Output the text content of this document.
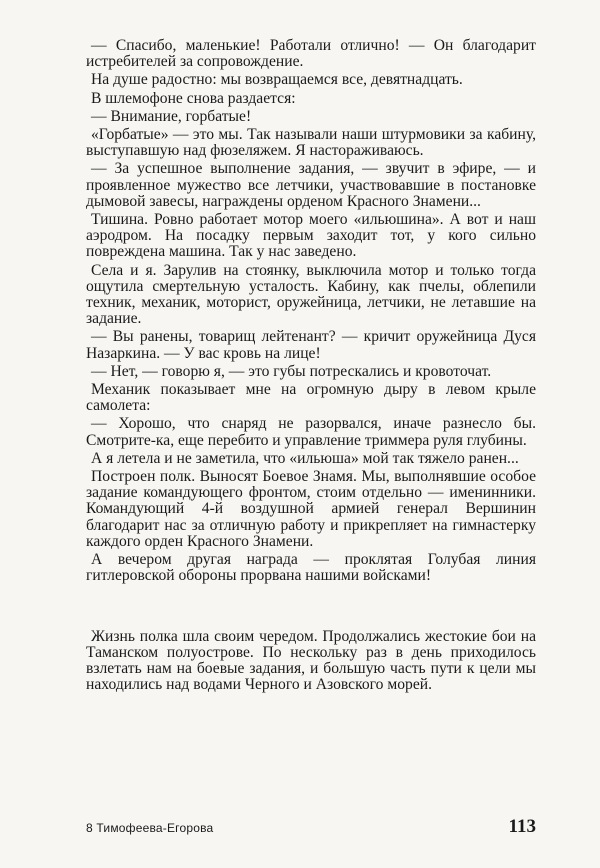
— Спасибо, маленькие! Работали отлично! — Он благодарит истребителей за сопровождение.

На душе радостно: мы возвращаемся все, девятнадцать.

В шлемофоне снова раздается:

— Внимание, горбатые!

«Горбатые» — это мы. Так называли наши штурмовики за кабину, выступавшую над фюзеляжем. Я настораживаюсь.

— За успешное выполнение задания, — звучит в эфире, — и проявленное мужество все летчики, участвовавшие в постановке дымовой завесы, награждены орденом Красного Знамени...

Тишина. Ровно работает мотор моего «ильюшина». А вот и наш аэродром. На посадку первым заходит тот, у кого сильно повреждена машина. Так у нас заведено.

Села и я. Зарулив на стоянку, выключила мотор и только тогда ощутила смертельную усталость. Кабину, как пчелы, облепили техник, механик, моторист, оружейница, летчики, не летавшие на задание.

— Вы ранены, товарищ лейтенант? — кричит оружейница Дуся Назаркина. — У вас кровь на лице!

— Нет, — говорю я, — это губы потрескались и кровоточат.

Механик показывает мне на огромную дыру в левом крыле самолета:

— Хорошо, что снаряд не разорвался, иначе разнесло бы. Смотрите-ка, еще перебито и управление триммера руля глубины.

А я летела и не заметила, что «ильюша» мой так тяжело ранен...

Построен полк. Выносят Боевое Знамя. Мы, выполнявшие особое задание командующего фронтом, стоим отдельно — именинники. Командующий 4-й воздушной армией генерал Вершинин благодарит нас за отличную работу и прикрепляет на гимнастерку каждого орден Красного Знамени.

А вечером другая награда — проклятая Голубая линия гитлеровской обороны прорвана нашими войсками!

Жизнь полка шла своим чередом. Продолжались жестокие бои на Таманском полуострове. По нескольку раз в день приходилось взлетать нам на боевые задания, и большую часть пути к цели мы находились над водами Черного и Азовского морей.

8 Тимофеева-Егорова	113
